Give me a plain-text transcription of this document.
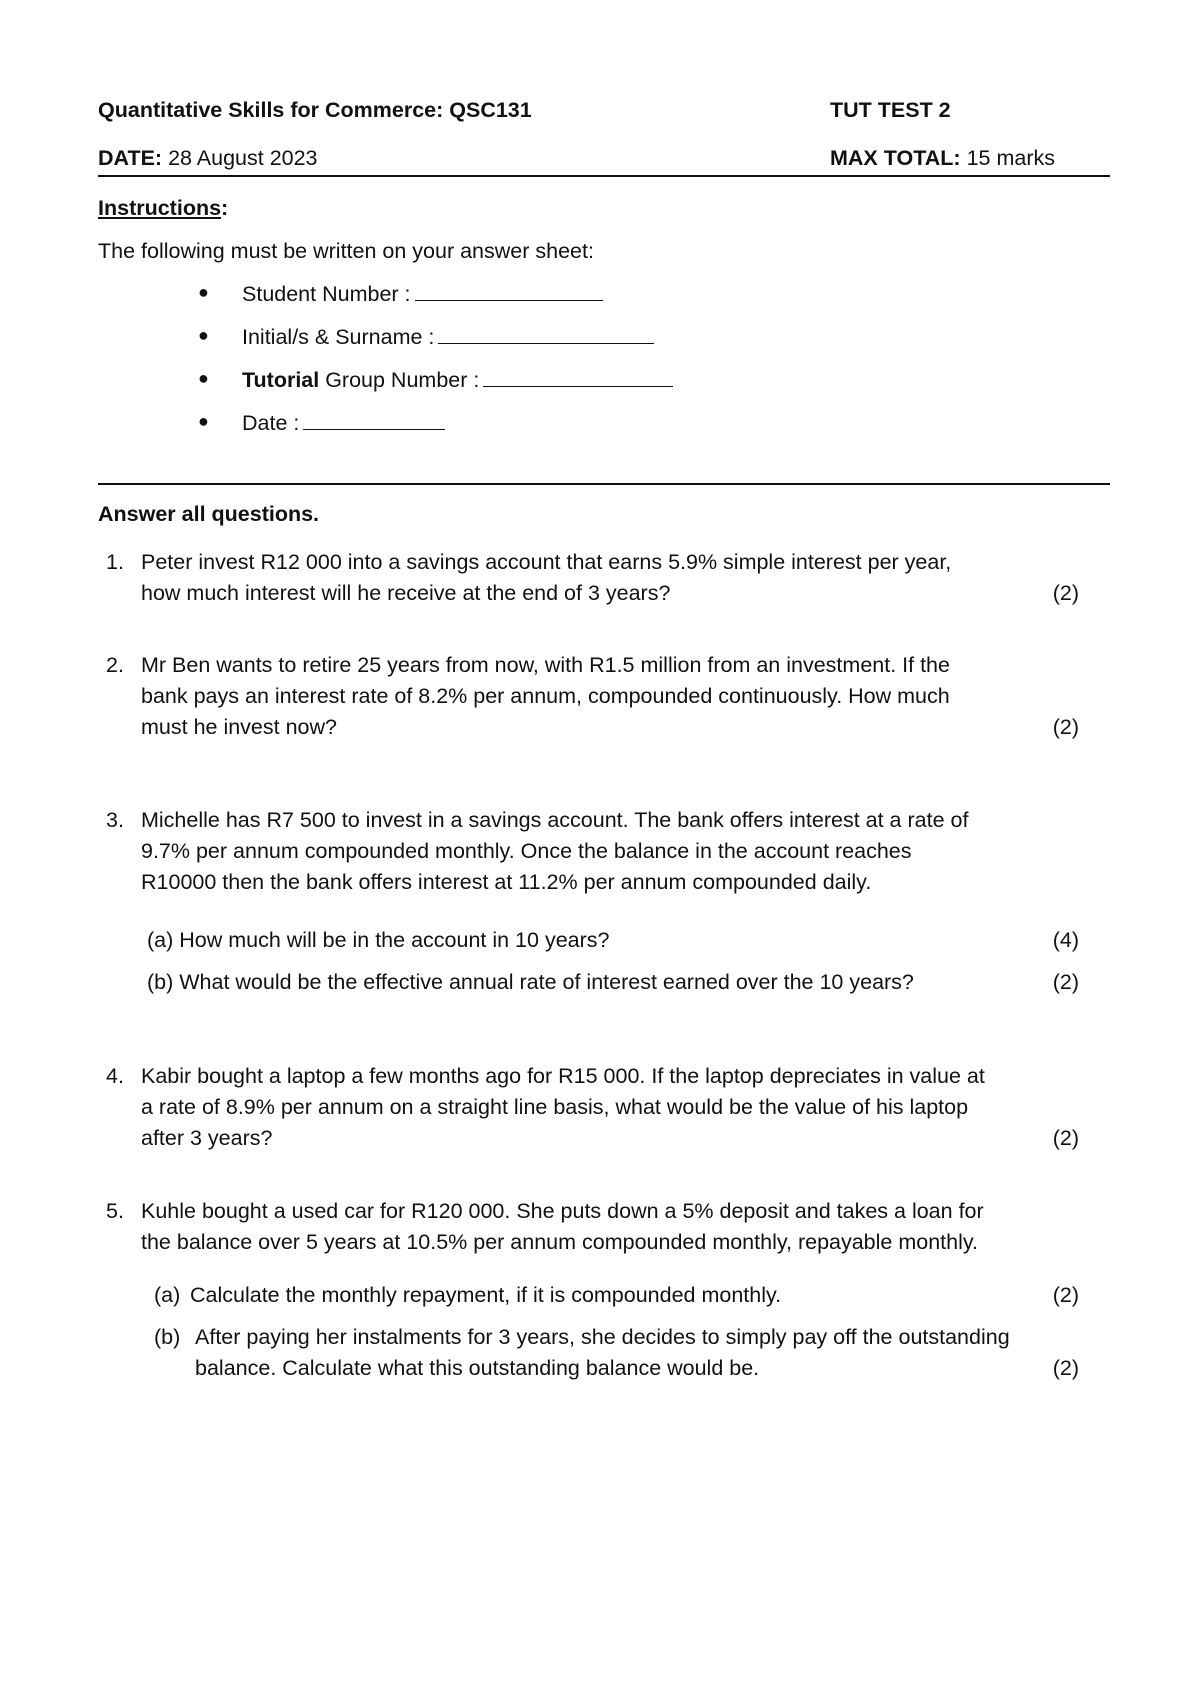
Quantitative Skills for Commerce: QSC131	TUT TEST 2
DATE: 28 August 2023	MAX TOTAL: 15 marks
Instructions:
The following must be written on your answer sheet:
● Student Number :
● Initial/s & Surname :
● Tutorial Group Number :
● Date :
Answer all questions.
1. Peter invest R12 000 into a savings account that earns 5.9% simple interest per year,
how much interest will he receive at the end of 3 years?	(2)
2. Mr Ben wants to retire 25 years from now, with R1.5 million from an investment. If the
bank pays an interest rate of 8.2% per annum, compounded continuously. How much
must he invest now?	(2)
3. Michelle has R7 500 to invest in a savings account. The bank offers interest at a rate of
9.7% per annum compounded monthly. Once the balance in the account reaches
R10000 then the bank offers interest at 11.2% per annum compounded daily.
(a) How much will be in the account in 10 years?	(4)
(b) What would be the effective annual rate of interest earned over the 10 years?	(2)
4. Kabir bought a laptop a few months ago for R15 000. If the laptop depreciates in value at
a rate of 8.9% per annum on a straight line basis, what would be the value of his laptop
after 3 years?	(2)
5. Kuhle bought a used car for R120 000. She puts down a 5% deposit and takes a loan for
the balance over 5 years at 10.5% per annum compounded monthly, repayable monthly.
(a) Calculate the monthly repayment, if it is compounded monthly.	(2)
(b) After paying her instalments for 3 years, she decides to simply pay off the outstanding
balance. Calculate what this outstanding balance would be.	(2)
